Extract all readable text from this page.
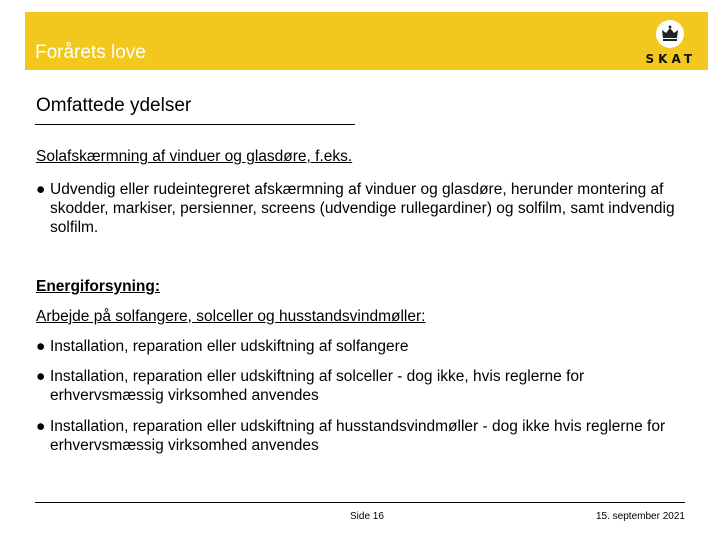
Forårets love	SKAT
Omfattede ydelser
Solafskærmning af vinduer og glasdøre, f.eks.
● Udvendig eller rudeintegreret afskærmning af vinduer og glasdøre, herunder montering af skodder, markiser, persienner, screens (udvendige rullegardiner) og solfilm, samt indvendig solfilm.
Energiforsyning:
Arbejde på solfangere, solceller og husstandsvindmøller:
● Installation, reparation eller udskiftning af solfangere
● Installation, reparation eller udskiftning af solceller - dog ikke, hvis reglerne for erhvervsmæssig virksomhed anvendes
● Installation, reparation eller udskiftning af husstandsvindmøller - dog ikke hvis reglerne for erhvervsmæssig virksomhed anvendes
Side 16	15. september 2021
